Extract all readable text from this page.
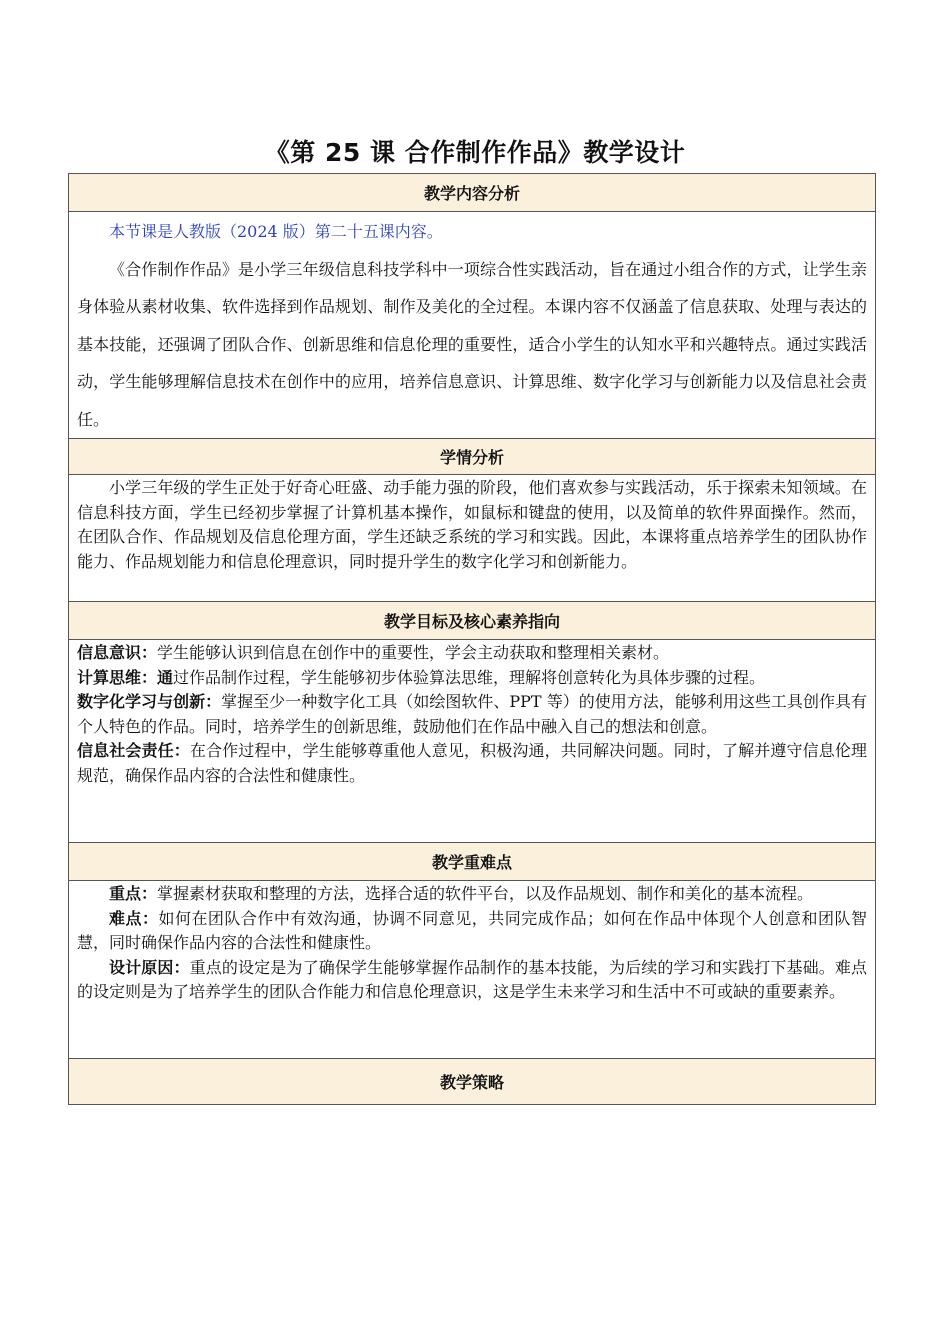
《第 25 课 合作制作作品》教学设计
教学内容分析

本节课是人教版（2024 版）第二十五课内容。

《合作制作作品》是小学三年级信息科技学科中一项综合性实践活动，旨在通过小组合作的方式，让学生亲身体验从素材收集、软件选择到作品规划、制作及美化的全过程。本课内容不仅涵盖了信息获取、处理与表达的基本技能，还强调了团队合作、创新思维和信息伦理的重要性，适合小学生的认知水平和兴趣特点。通过实践活动，学生能够理解信息技术在创作中的应用，培养信息意识、计算思维、数字化学习与创新能力以及信息社会责任。

学情分析

小学三年级的学生正处于好奇心旺盛、动手能力强的阶段，他们喜欢参与实践活动，乐于探索未知领域。在信息科技方面，学生已经初步掌握了计算机基本操作，如鼠标和键盘的使用，以及简单的软件界面操作。然而，在团队合作、作品规划及信息伦理方面，学生还缺乏系统的学习和实践。因此，本课将重点培养学生的团队协作能力、作品规划能力和信息伦理意识，同时提升学生的数字化学习和创新能力。

教学目标及核心素养指向

信息意识：学生能够认识到信息在创作中的重要性，学会主动获取和整理相关素材。

计算思维：通过作品制作过程，学生能够初步体验算法思维，理解将创意转化为具体步骤的过程。

数字化学习与创新：掌握至少一种数字化工具（如绘图软件、PPT 等）的使用方法，能够利用这些工具创作具有个人特色的作品。同时，培养学生的创新思维，鼓励他们在作品中融入自己的想法和创意。

信息社会责任：在合作过程中，学生能够尊重他人意见，积极沟通，共同解决问题。同时，了解并遵守信息伦理规范，确保作品内容的合法性和健康性。

教学重难点

重点：掌握素材获取和整理的方法，选择合适的软件平台，以及作品规划、制作和美化的基本流程。

难点：如何在团队合作中有效沟通，协调不同意见，共同完成作品；如何在作品中体现个人创意和团队智慧，同时确保作品内容的合法性和健康性。

设计原因：重点的设定是为了确保学生能够掌握作品制作的基本技能，为后续的学习和实践打下基础。难点的设定则是为了培养学生的团队合作能力和信息伦理意识，这是学生未来学习和生活中不可或缺的重要素养。

教学策略
